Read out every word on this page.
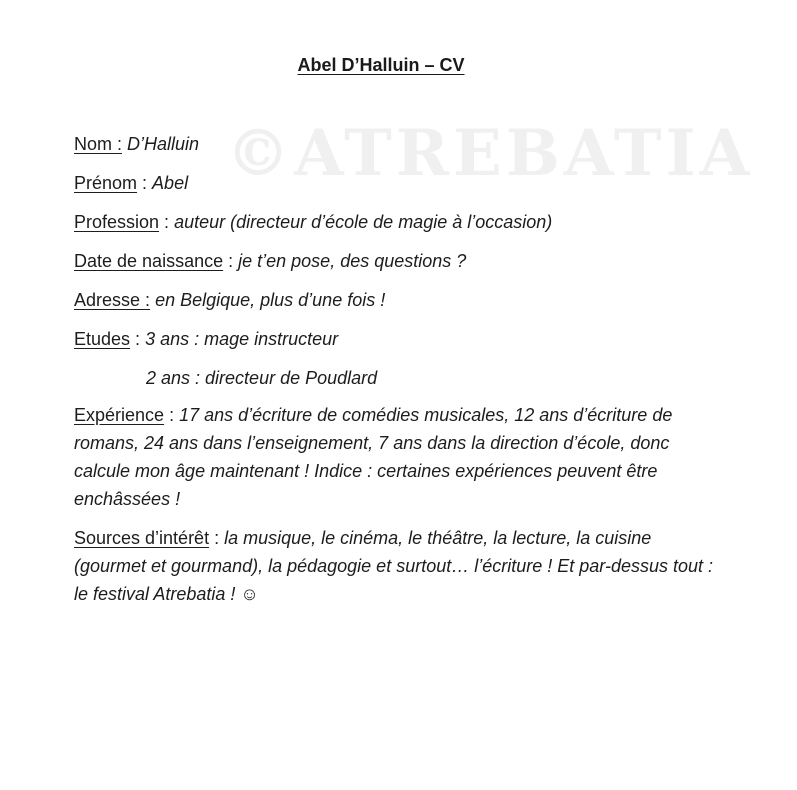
©ATREBATIA
Abel D’Halluin – CV
Nom : D’Halluin
Prénom : Abel
Profession : auteur (directeur d’école de magie à l’occasion)
Date de naissance : je t’en pose, des questions ?
Adresse : en Belgique, plus d’une fois !
Etudes : 3 ans : mage instructeur
2 ans : directeur de Poudlard
Expérience : 17 ans d’écriture de comédies musicales, 12 ans d’écriture de romans, 24 ans dans l’enseignement, 7 ans dans la direction d’école, donc calcule mon âge maintenant ! Indice : certaines expériences peuvent être enchâssées !
Sources d’intérêt : la musique, le cinéma, le théâtre, la lecture, la cuisine (gourmet et gourmand), la pédagogie et surtout… l’écriture ! Et par-dessus tout : le festival Atrebatia ! ☺
